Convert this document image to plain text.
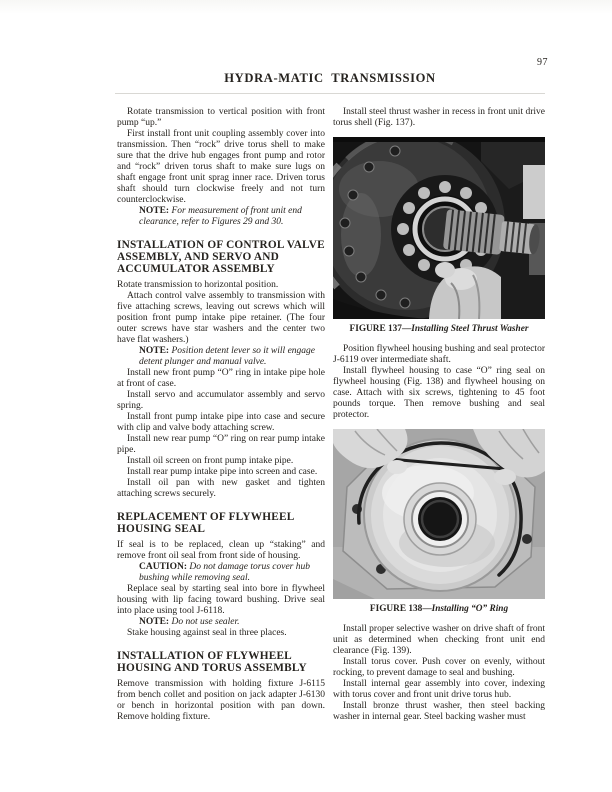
97
HYDRA-MATIC TRANSMISSION

Rotate transmission to vertical position with front pump “up.”

First install front unit coupling assembly cover into transmission. Then “rock” drive torus shell to make sure that the drive hub engages front pump and rotor and “rock” driven torus shaft to make sure lugs on shaft engage front unit sprag inner race. Driven torus shaft should turn clockwise freely and not turn counterclockwise.

NOTE: For measurement of front unit end clearance, refer to Figures 29 and 30.

INSTALLATION OF CONTROL VALVE ASSEMBLY, AND SERVO AND ACCUMULATOR ASSEMBLY

Rotate transmission to horizontal position.

Attach control valve assembly to transmission with five attaching screws, leaving out screws which will position front pump intake pipe retainer. (The four outer screws have star washers and the center two have flat washers.)

NOTE: Position detent lever so it will engage detent plunger and manual valve.

Install new front pump “O” ring in intake pipe hole at front of case.

Install servo and accumulator assembly and servo spring.

Install front pump intake pipe into case and secure with clip and valve body attaching screw.

Install new rear pump “O” ring on rear pump intake pipe.

Install oil screen on front pump intake pipe.

Install rear pump intake pipe into screen and case.

Install oil pan with new gasket and tighten attaching screws securely.

REPLACEMENT OF FLYWHEEL HOUSING SEAL

If seal is to be replaced, clean up “staking” and remove front oil seal from front side of housing.

CAUTION: Do not damage torus cover hub bushing while removing seal.

Replace seal by starting seal into bore in flywheel housing with lip facing toward bushing. Drive seal into place using tool J-6118.

NOTE: Do not use sealer.

Stake housing against seal in three places.

INSTALLATION OF FLYWHEEL HOUSING AND TORUS ASSEMBLY

Remove transmission with holding fixture J-6115 from bench collet and position on jack adapter J-6130 or bench in horizontal position with pan down. Remove holding fixture.

Install steel thrust washer in recess in front unit drive torus shell (Fig. 137).

FIGURE 137—Installing Steel Thrust Washer

Position flywheel housing bushing and seal protector J-6119 over intermediate shaft.

Install flywheel housing to case “O” ring seal on flywheel housing (Fig. 138) and flywheel housing on case. Attach with six screws, tightening to 45 foot pounds torque. Then remove bushing and seal protector.

FIGURE 138—Installing “O” Ring

Install proper selective washer on drive shaft of front unit as determined when checking front unit end clearance (Fig. 139).

Install torus cover. Push cover on evenly, without rocking, to prevent damage to seal and bushing.

Install internal gear assembly into cover, indexing with torus cover and front unit drive torus hub.

Install bronze thrust washer, then steel backing washer in internal gear. Steel backing washer must
